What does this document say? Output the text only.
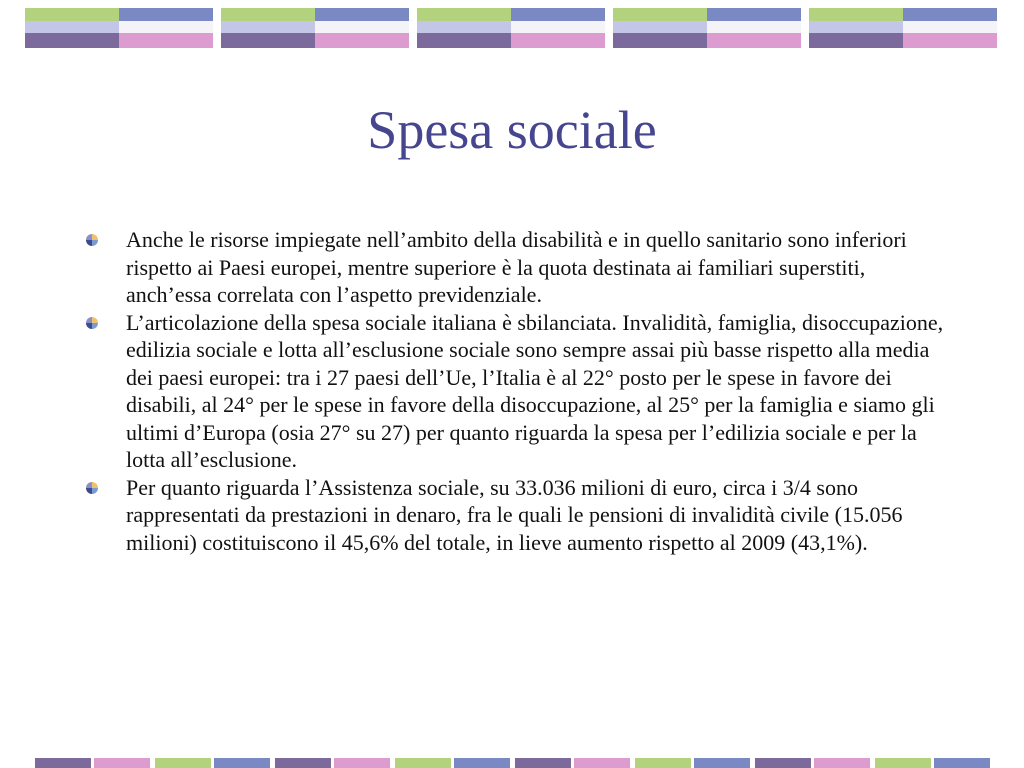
Spesa sociale
Anche le risorse impiegate nell’ambito della disabilità e in quello sanitario sono inferiori rispetto ai Paesi europei, mentre superiore è la quota destinata ai familiari superstiti, anch’essa correlata con l’aspetto previdenziale.
L’articolazione della spesa sociale italiana è sbilanciata. Invalidità, famiglia, disoccupazione, edilizia sociale e lotta all’esclusione sociale sono sempre assai più basse rispetto alla media dei paesi europei: tra i 27 paesi dell’Ue, l’Italia è al 22° posto per le spese in favore dei disabili, al 24° per le spese in favore della disoccupazione, al 25° per la famiglia e siamo gli ultimi d’Europa (osia 27° su 27) per quanto riguarda la spesa per l’edilizia sociale e per la lotta all’esclusione.
Per quanto riguarda l’Assistenza sociale, su 33.036 milioni di euro, circa i 3/4 sono rappresentati da prestazioni in denaro, fra le quali le pensioni di invalidità civile (15.056 milioni) costituiscono il 45,6% del totale, in lieve aumento rispetto al 2009 (43,1%).
